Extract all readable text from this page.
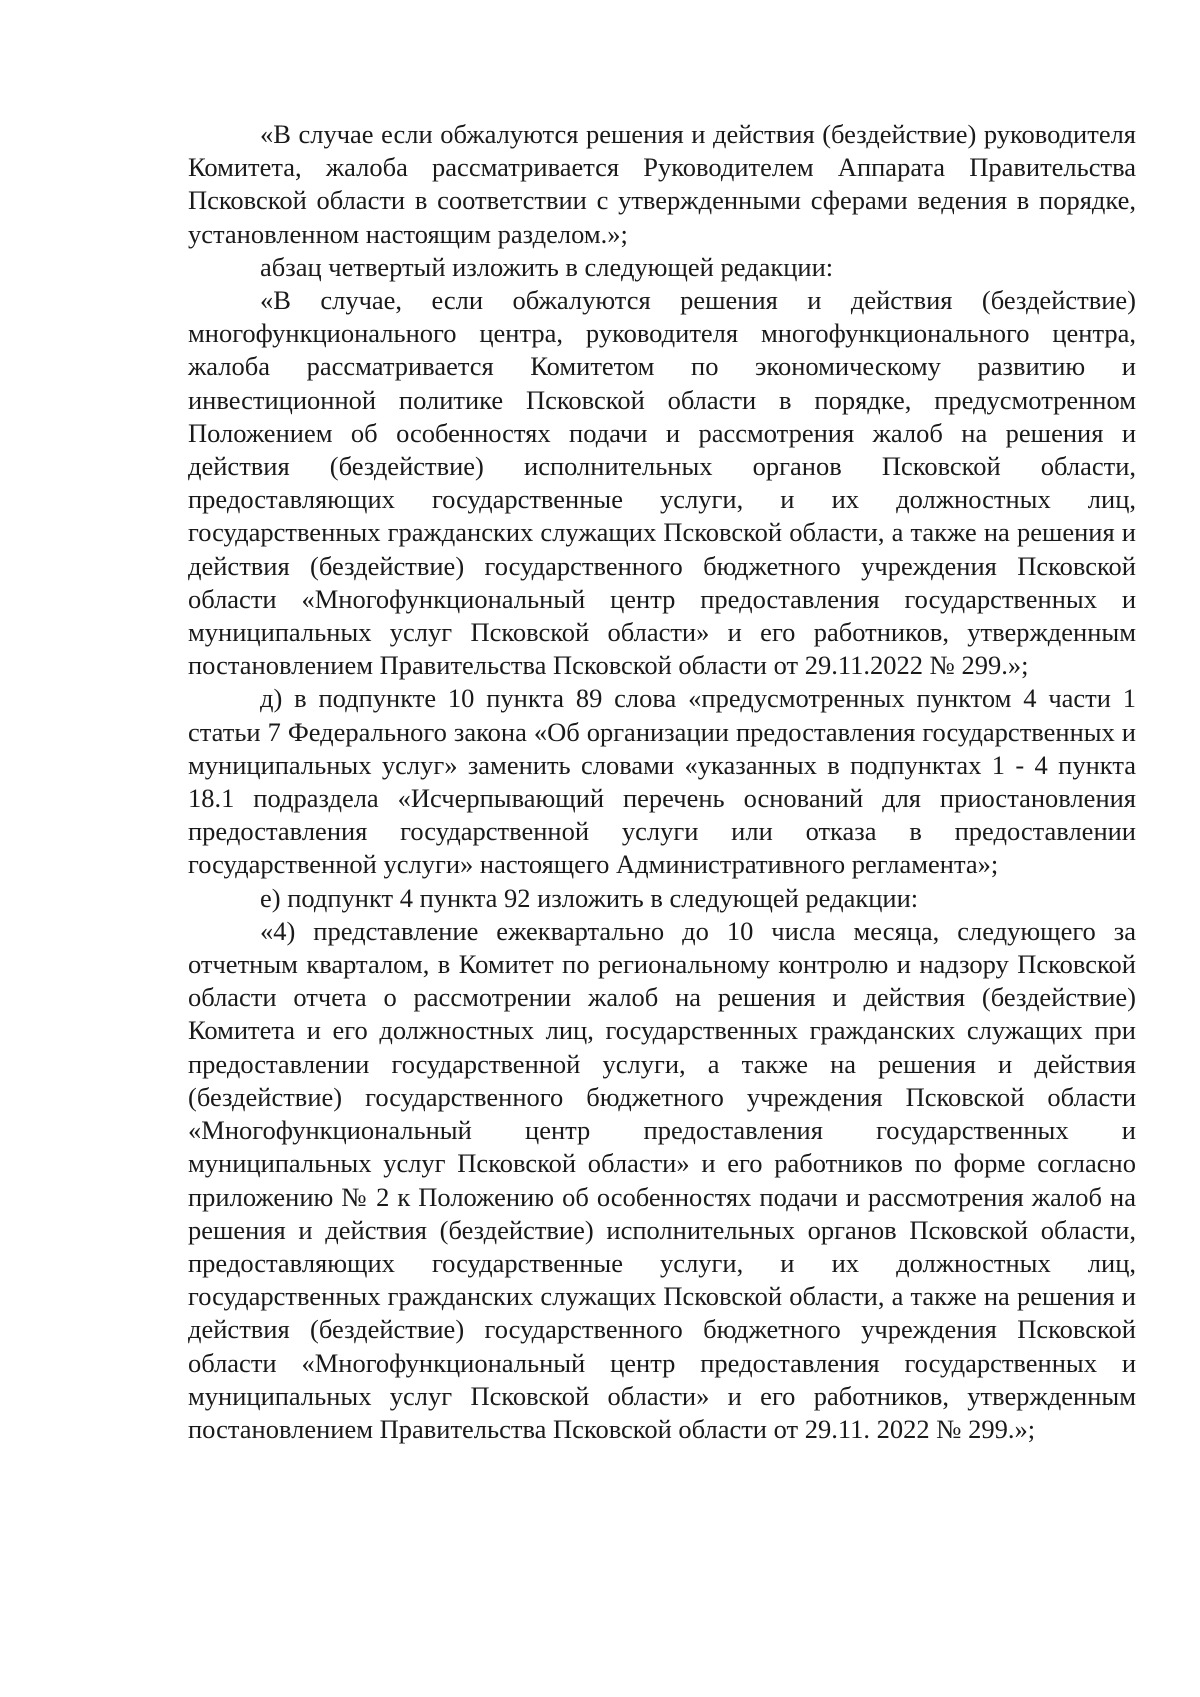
«В случае если обжалуются решения и действия (бездействие) руководителя Комитета, жалоба рассматривается Руководителем Аппарата Правительства Псковской области в соответствии с утвержденными сферами ведения в порядке, установленном настоящим разделом.»;

абзац четвертый изложить в следующей редакции:

«В случае, если обжалуются решения и действия (бездействие) многофункционального центра, руководителя многофункционального центра, жалоба рассматривается Комитетом по экономическому развитию и инвестиционной политике Псковской области в порядке, предусмотренном Положением об особенностях подачи и рассмотрения жалоб на решения и действия (бездействие) исполнительных органов Псковской области, предоставляющих государственные услуги, и их должностных лиц, государственных гражданских служащих Псковской области, а также на решения и действия (бездействие) государственного бюджетного учреждения Псковской области «Многофункциональный центр предоставления государственных и муниципальных услуг Псковской области» и его работников, утвержденным постановлением Правительства Псковской области от 29.11.2022 № 299.»;

д) в подпункте 10 пункта 89 слова «предусмотренных пунктом 4 части 1 статьи 7 Федерального закона «Об организации предоставления государственных и муниципальных услуг» заменить словами «указанных в подпунктах 1 - 4 пункта 18.1 подраздела «Исчерпывающий перечень оснований для приостановления предоставления государственной услуги или отказа в предоставлении государственной услуги» настоящего Административного регламента»;

е) подпункт 4 пункта 92 изложить в следующей редакции:

«4) представление ежеквартально до 10 числа месяца, следующего за отчетным кварталом, в Комитет по региональному контролю и надзору Псковской области отчета о рассмотрении жалоб на решения и действия (бездействие) Комитета и его должностных лиц, государственных гражданских служащих при предоставлении государственной услуги, а также на решения и действия (бездействие) государственного бюджетного учреждения Псковской области «Многофункциональный центр предоставления государственных и муниципальных услуг Псковской области» и его работников по форме согласно приложению № 2 к Положению об особенностях подачи и рассмотрения жалоб на решения и действия (бездействие) исполнительных органов Псковской области, предоставляющих государственные услуги, и их должностных лиц, государственных гражданских служащих Псковской области, а также на решения и действия (бездействие) государственного бюджетного учреждения Псковской области «Многофункциональный центр предоставления государственных и муниципальных услуг Псковской области» и его работников, утвержденным постановлением Правительства Псковской области от 29.11. 2022 № 299.»;
